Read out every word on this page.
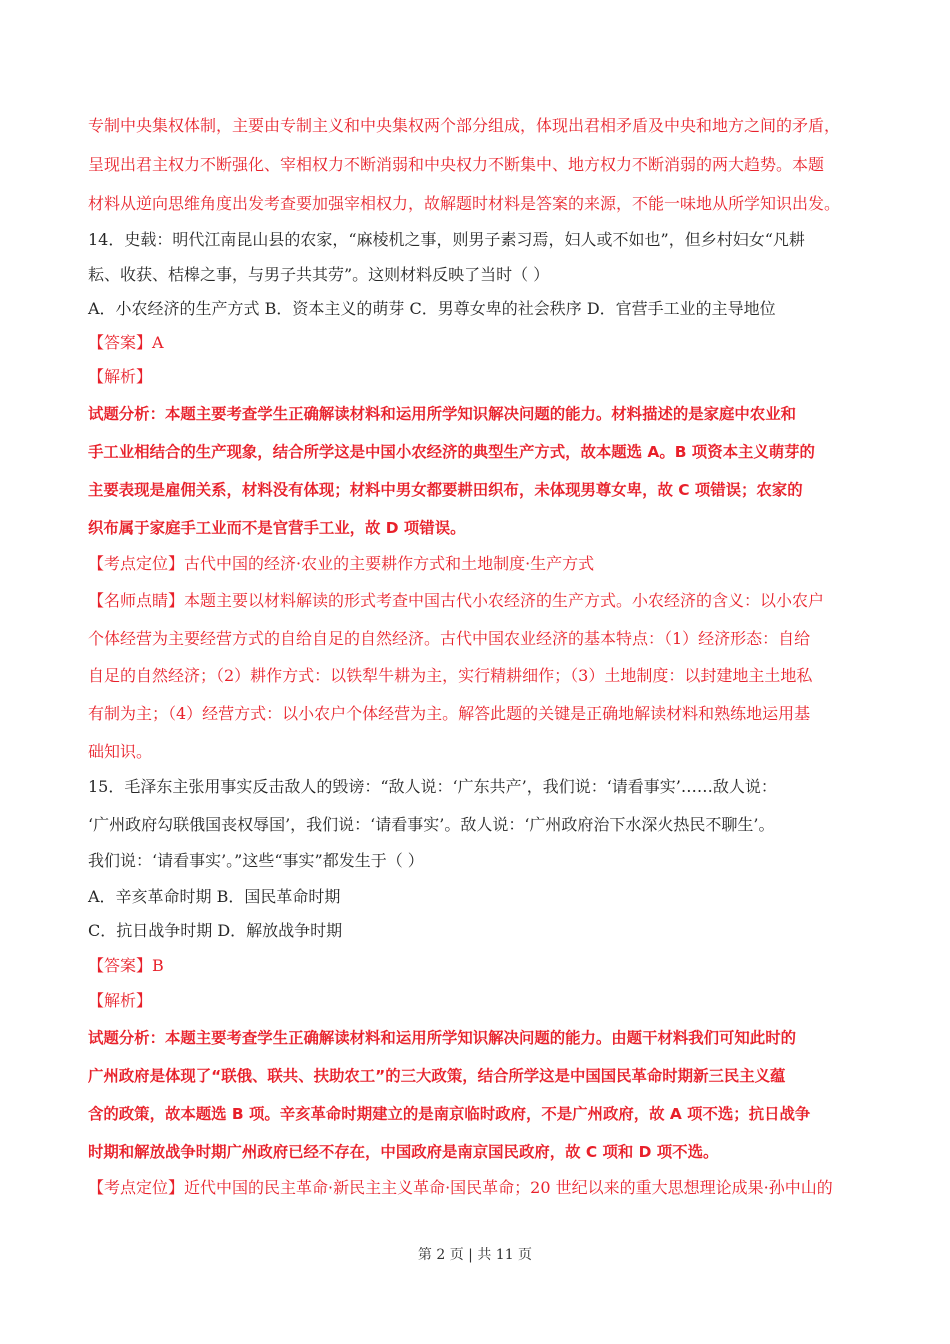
专制中央集权体制，主要由专制主义和中央集权两个部分组成，体现出君相矛盾及中央和地方之间的矛盾，
呈现出君主权力不断强化、宰相权力不断消弱和中央权力不断集中、地方权力不断消弱的两大趋势。本题
材料从逆向思维角度出发考查要加强宰相权力，故解题时材料是答案的来源，不能一味地从所学知识出发。
14．史载：明代江南昆山县的农家，“麻棱机之事，则男子素习焉，妇人或不如也”，但乡村妇女“凡耕
耘、收获、桔槔之事，与男子共其劳”。这则材料反映了当时（ ）
A．小农经济的生产方式 B．资本主义的萌芽 C．男尊女卑的社会秩序 D．官营手工业的主导地位
【答案】A
【解析】
试题分析：本题主要考查学生正确解读材料和运用所学知识解决问题的能力。材料描述的是家庭中农业和
手工业相结合的生产现象，结合所学这是中国小农经济的典型生产方式，故本题选 A。B 项资本主义萌芽的
主要表现是雇佣关系，材料没有体现；材料中男女都要耕田织布，未体现男尊女卑，故 C 项错误；农家的
织布属于家庭手工业而不是官营手工业，故 D 项错误。
【考点定位】古代中国的经济·农业的主要耕作方式和土地制度·生产方式
【名师点睛】本题主要以材料解读的形式考查中国古代小农经济的生产方式。小农经济的含义：以小农户
个体经营为主要经营方式的自给自足的自然经济。古代中国农业经济的基本特点：（1）经济形态：自给
自足的自然经济；（2）耕作方式：以铁犁牛耕为主，实行精耕细作；（3）土地制度：以封建地主土地私
有制为主；（4）经营方式：以小农户个体经营为主。解答此题的关键是正确地解读材料和熟练地运用基
础知识。
15．毛泽东主张用事实反击敌人的毁谤：“敌人说：‘广东共产’，我们说：‘请看事实’……敌人说：
‘广州政府勾联俄国丧权辱国’，我们说：‘请看事实’。敌人说：‘广州政府治下水深火热民不聊生’。
我们说：‘请看事实’。”这些“事实”都发生于（ ）
A．辛亥革命时期 B．国民革命时期
C．抗日战争时期 D．解放战争时期
【答案】B
【解析】
试题分析：本题主要考查学生正确解读材料和运用所学知识解决问题的能力。由题干材料我们可知此时的
广州政府是体现了“联俄、联共、扶助农工”的三大政策，结合所学这是中国国民革命时期新三民主义蕴
含的政策，故本题选 B 项。辛亥革命时期建立的是南京临时政府，不是广州政府，故 A 项不选；抗日战争
时期和解放战争时期广州政府已经不存在，中国政府是南京国民政府，故 C 项和 D 项不选。
【考点定位】近代中国的民主革命·新民主主义革命·国民革命；20 世纪以来的重大思想理论成果·孙中山的
第 2 页 | 共 11 页
